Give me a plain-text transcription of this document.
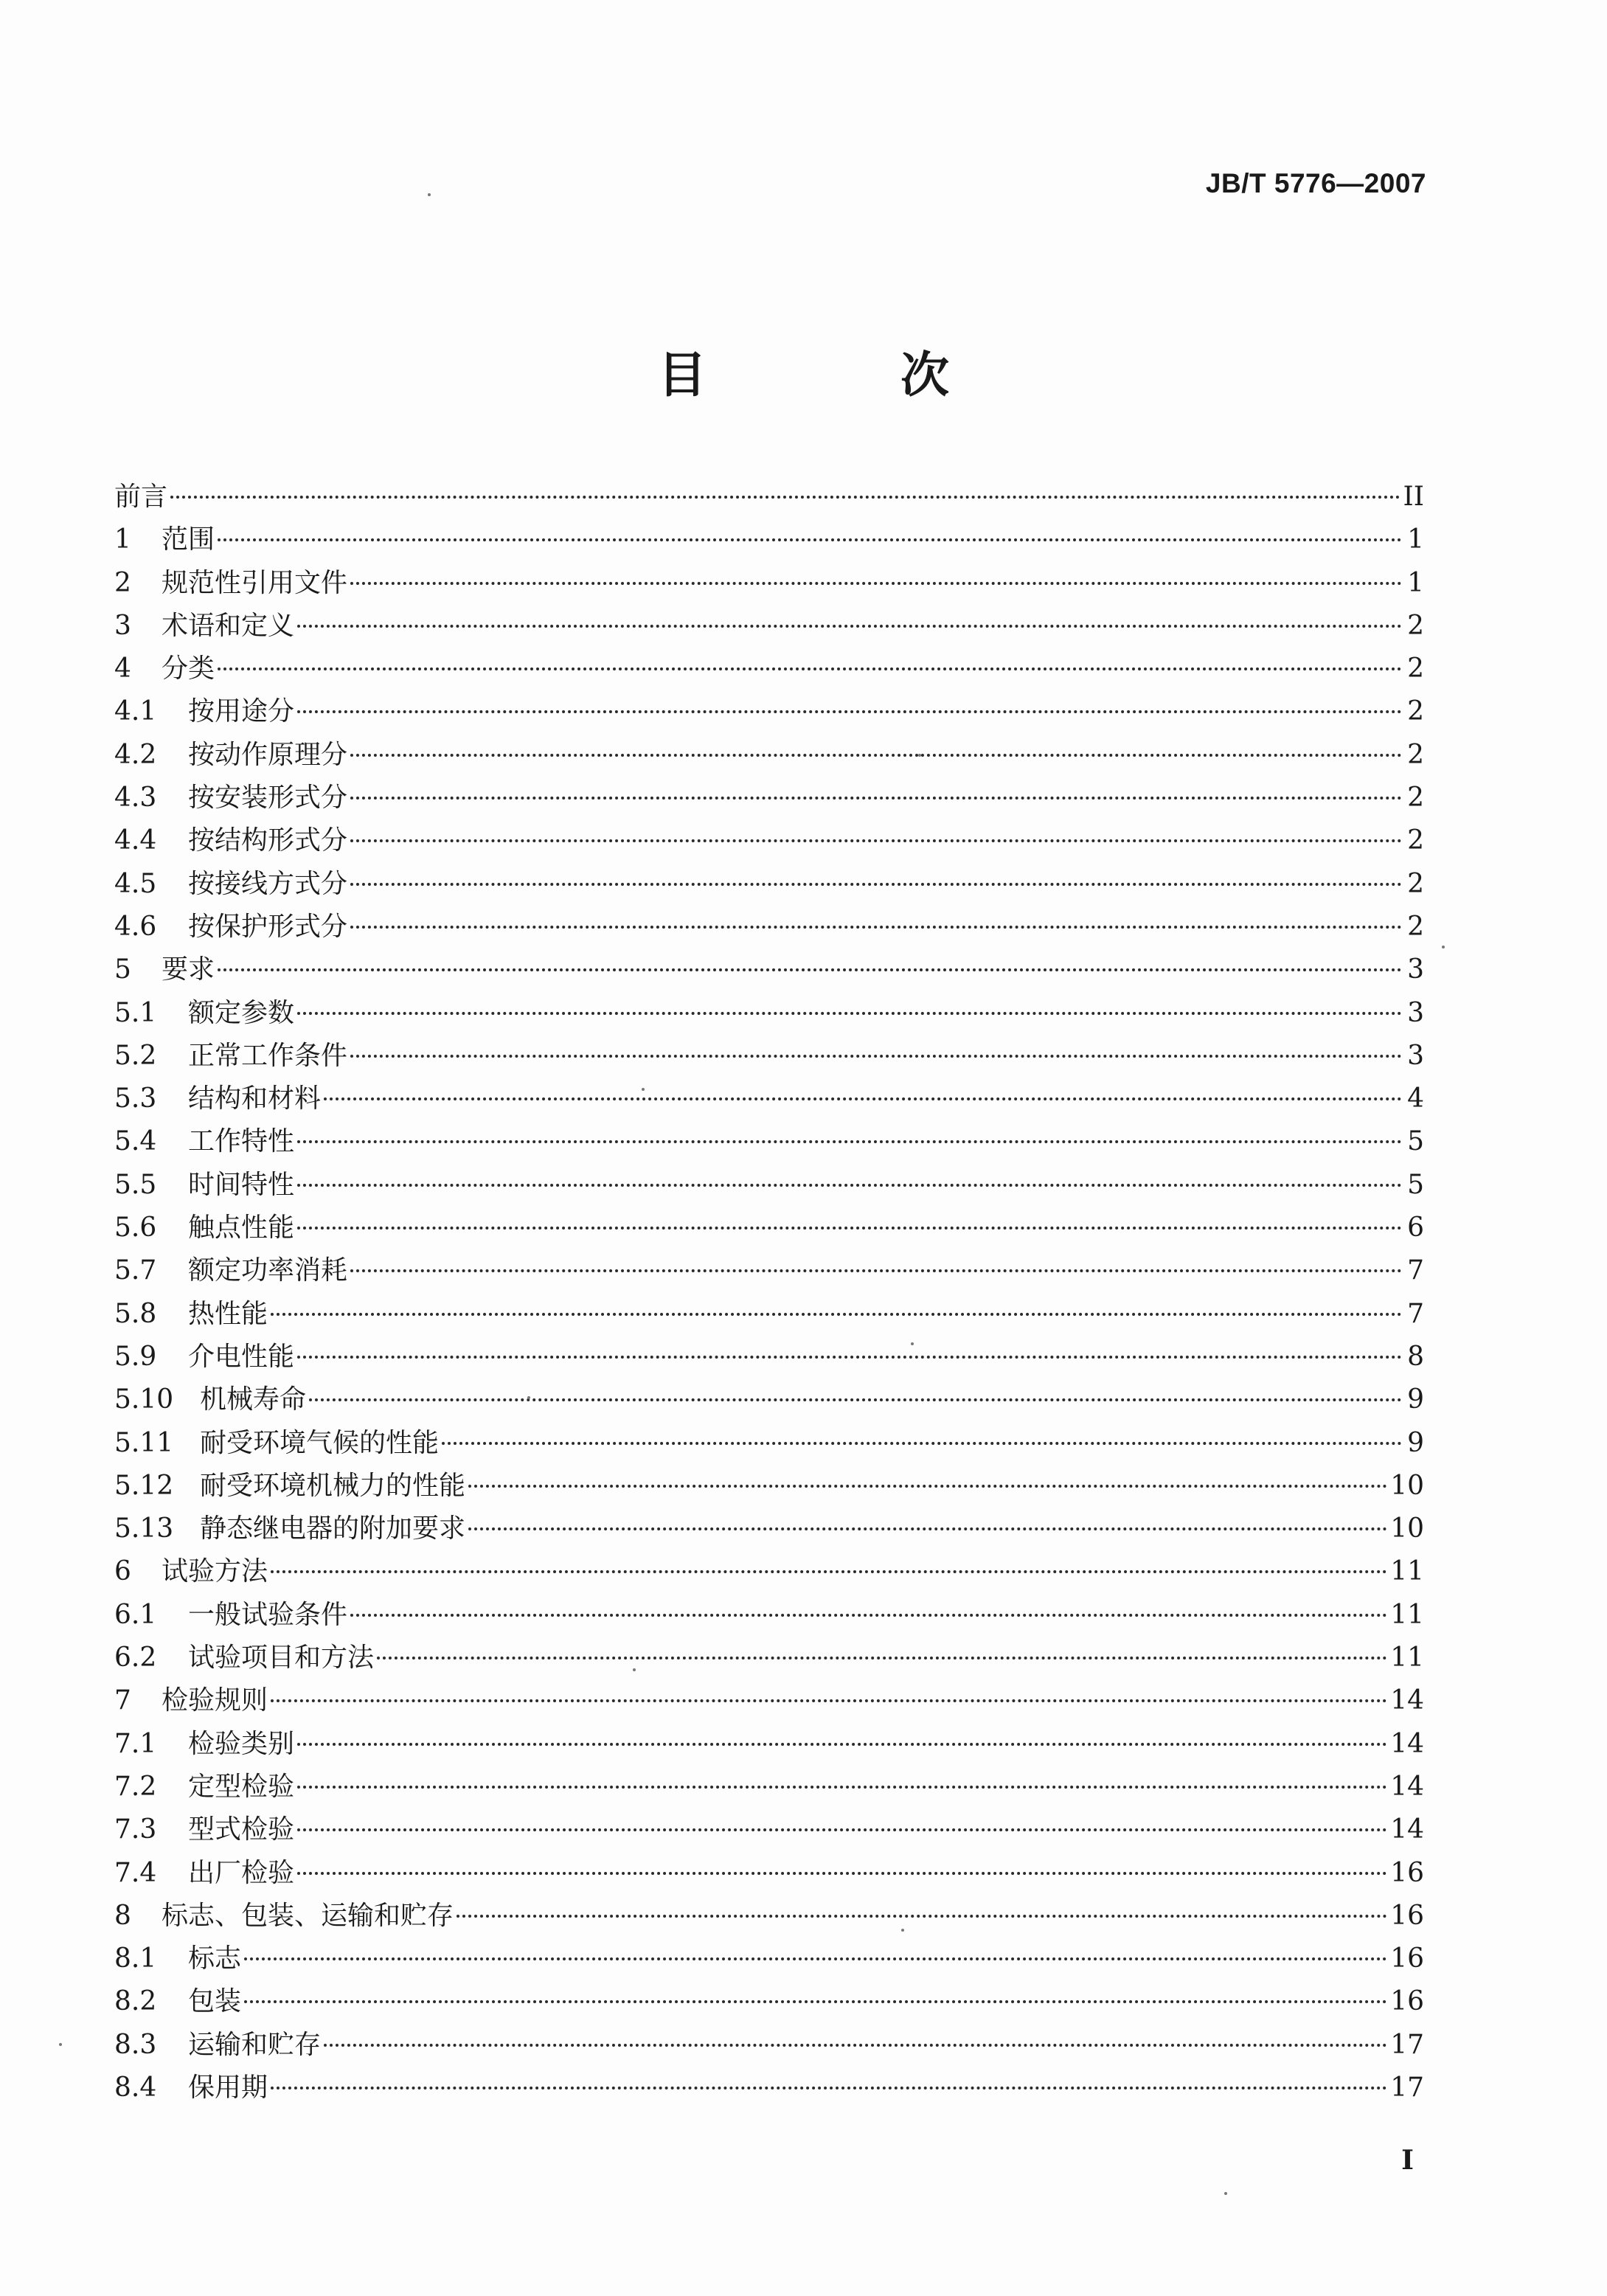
JB/T 5776—2007
目 次
前言	II
1	范围	1
2	规范性引用文件	1
3	术语和定义	2
4	分类	2
4.1	按用途分	2
4.2	按动作原理分	2
4.3	按安装形式分	2
4.4	按结构形式分	2
4.5	按接线方式分	2
4.6	按保护形式分	2
5	要求	3
5.1	额定参数	3
5.2	正常工作条件	3
5.3	结构和材料	4
5.4	工作特性	5
5.5	时间特性	5
5.6	触点性能	6
5.7	额定功率消耗	7
5.8	热性能	7
5.9	介电性能	8
5.10 机械寿命	9
5.11 耐受环境气候的性能	9
5.12 耐受环境机械力的性能	10
5.13 静态继电器的附加要求	10
6	试验方法	11
6.1	一般试验条件	11
6.2	试验项目和方法	11
7	检验规则	14
7.1	检验类别	14
7.2	定型检验	14
7.3	型式检验	14
7.4	出厂检验	16
8	标志、包装、运输和贮存	16
8.1	标志	16
8.2	包装	16
8.3	运输和贮存	17
8.4	保用期	17
I
